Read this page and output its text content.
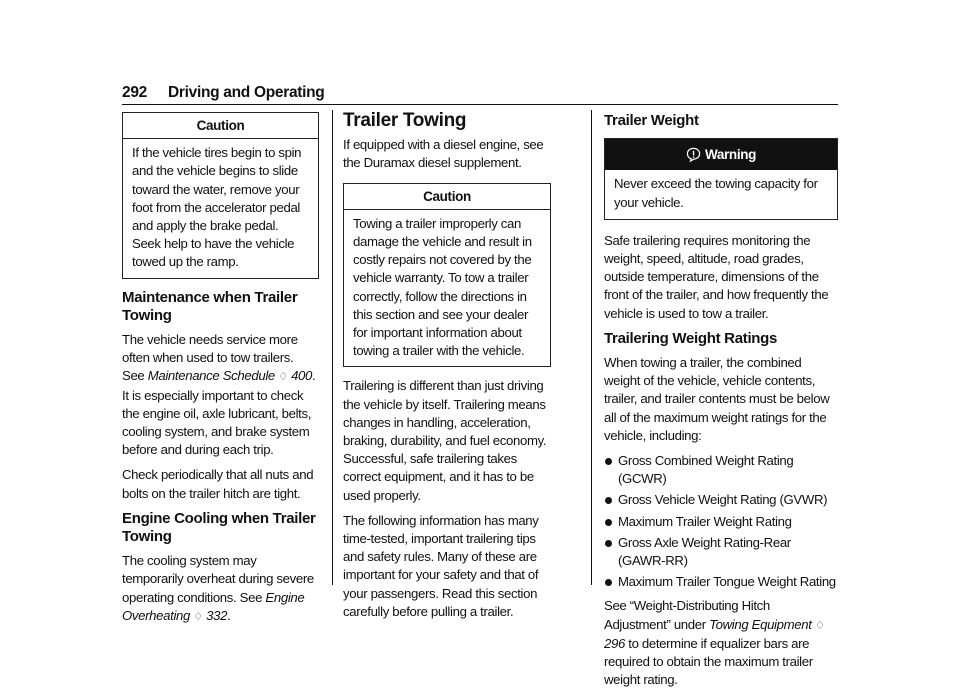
292 Driving and Operating
Caution
If the vehicle tires begin to spin and the vehicle begins to slide toward the water, remove your foot from the accelerator pedal and apply the brake pedal. Seek help to have the vehicle towed up the ramp.
Maintenance when Trailer Towing

The vehicle needs service more often when used to tow trailers. See Maintenance Schedule ♢ 400. It is especially important to check the engine oil, axle lubricant, belts, cooling system, and brake system before and during each trip.

Check periodically that all nuts and bolts on the trailer hitch are tight.

Engine Cooling when Trailer Towing

The cooling system may temporarily overheat during severe operating conditions. See Engine Overheating ♢ 332.

Trailer Towing

If equipped with a diesel engine, see the Duramax diesel supplement.

Caution
Towing a trailer improperly can damage the vehicle and result in costly repairs not covered by the vehicle warranty. To tow a trailer correctly, follow the directions in this section and see your dealer for important information about towing a trailer with the vehicle.

Trailering is different than just driving the vehicle by itself. Trailering means changes in handling, acceleration, braking, durability, and fuel economy. Successful, safe trailering takes correct equipment, and it has to be used properly.

The following information has many time-tested, important trailering tips and safety rules. Many of these are important for your safety and that of your passengers. Read this section carefully before pulling a trailer.

Trailer Weight
Warning
Never exceed the towing capacity for your vehicle.

Safe trailering requires monitoring the weight, speed, altitude, road grades, outside temperature, dimensions of the front of the trailer, and how frequently the vehicle is used to tow a trailer.

Trailering Weight Ratings

When towing a trailer, the combined weight of the vehicle, vehicle contents, trailer, and trailer contents must be below all of the maximum weight ratings for the vehicle, including:

Gross Combined Weight Rating (GCWR)
Gross Vehicle Weight Rating (GVWR)
Maximum Trailer Weight Rating
Gross Axle Weight Rating-Rear (GAWR-RR)
Maximum Trailer Tongue Weight Rating

See “Weight-Distributing Hitch Adjustment” under Towing Equipment ♢ 296 to determine if equalizer bars are required to obtain the maximum trailer weight rating.
